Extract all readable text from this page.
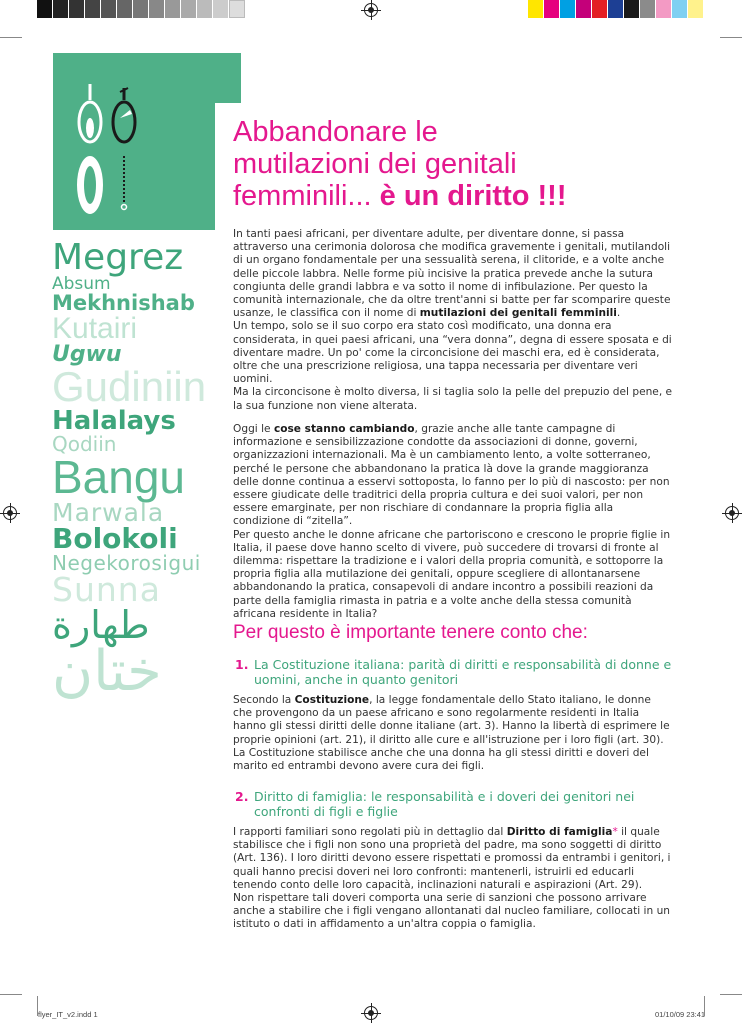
Megrez
Absum
Mekhnishab
Kutairi
Ugwu
Gudiniin
Halalays
Qodiin
Bangu
Marwala
Bolokoli
Negekorosigui
Sunna
طهارة
ختان
Abbandonare le
mutilazioni dei genitali
femminili... è un diritto !!!
In tanti paesi africani, per diventare adulte, per diventare donne, si passa attraverso una cerimonia dolorosa che modifica gravemente i genitali, mutilandoli di un organo fondamentale per una sessualità serena, il clitoride, e a volte anche delle piccole labbra. Nelle forme più incisive la pratica prevede anche la sutura congiunta delle grandi labbra e va sotto il nome di infibulazione. Per questo la comunità internazionale, che da oltre trent'anni si batte per far scomparire queste usanze, le classifica con il nome di mutilazioni dei genitali femminili.
Un tempo, solo se il suo corpo era stato così modificato, una donna era considerata, in quei paesi africani, una “vera donna”, degna di essere sposata e di diventare madre. Un po' come la circoncisione dei maschi era, ed è considerata, oltre che una prescrizione religiosa, una tappa necessaria per diventare veri uomini.
Ma la circoncisone è molto diversa, li si taglia solo la pelle del prepuzio del pene, e la sua funzione non viene alterata.
Oggi le cose stanno cambiando, grazie anche alle tante campagne di informazione e sensibilizzazione condotte da associazioni di donne, governi, organizzazioni internazionali. Ma è un cambiamento lento, a volte sotterraneo, perché le persone che abbandonano la pratica là dove la grande maggioranza delle donne continua a esservi sottoposta, lo fanno per lo più di nascosto: per non essere giudicate delle traditrici della propria cultura e dei suoi valori, per non essere emarginate, per non rischiare di condannare la propria figlia alla condizione di “zitella”.
Per questo anche le donne africane che partoriscono e crescono le proprie figlie in Italia, il paese dove hanno scelto di vivere, può succedere di trovarsi di fronte al dilemma: rispettare la tradizione e i valori della propria comunità, e sottoporre la propria figlia alla mutilazione dei genitali, oppure scegliere di allontanarsene abbandonando la pratica, consapevoli di andare incontro a possibili reazioni da parte della famiglia rimasta in patria e a volte anche della stessa comunità africana residente in Italia?
Per questo è importante tenere conto che:
1. La Costituzione italiana: parità di diritti e responsabilità di donne e uomini, anche in quanto genitori
Secondo la Costituzione, la legge fondamentale dello Stato italiano, le donne che provengono da un paese africano e sono regolarmente residenti in Italia hanno gli stessi diritti delle donne italiane (art. 3). Hanno la libertà di esprimere le proprie opinioni (art. 21), il diritto alle cure e all'istruzione per i loro figli (art. 30).
La Costituzione stabilisce anche che una donna ha gli stessi diritti e doveri del marito ed entrambi devono avere cura dei figli.
2. Diritto di famiglia: le responsabilità e i doveri dei genitori nei confronti di figli e figlie
I rapporti familiari sono regolati più in dettaglio dal Diritto di famiglia* il quale stabilisce che i figli non sono una proprietà del padre, ma sono soggetti di diritto (Art. 136). I loro diritti devono essere rispettati e promossi da entrambi i genitori, i quali hanno precisi doveri nei loro confronti: mantenerli, istruirli ed educarli tenendo conto delle loro capacità, inclinazioni naturali e aspirazioni (Art. 29).
Non rispettare tali doveri comporta una serie di sanzioni che possono arrivare anche a stabilire che i figli vengano allontanati dal nucleo familiare, collocati in un istituto o dati in affidamento a un'altra coppia o famiglia.
flyer_IT_v2.indd 1	01/10/09 23:41
